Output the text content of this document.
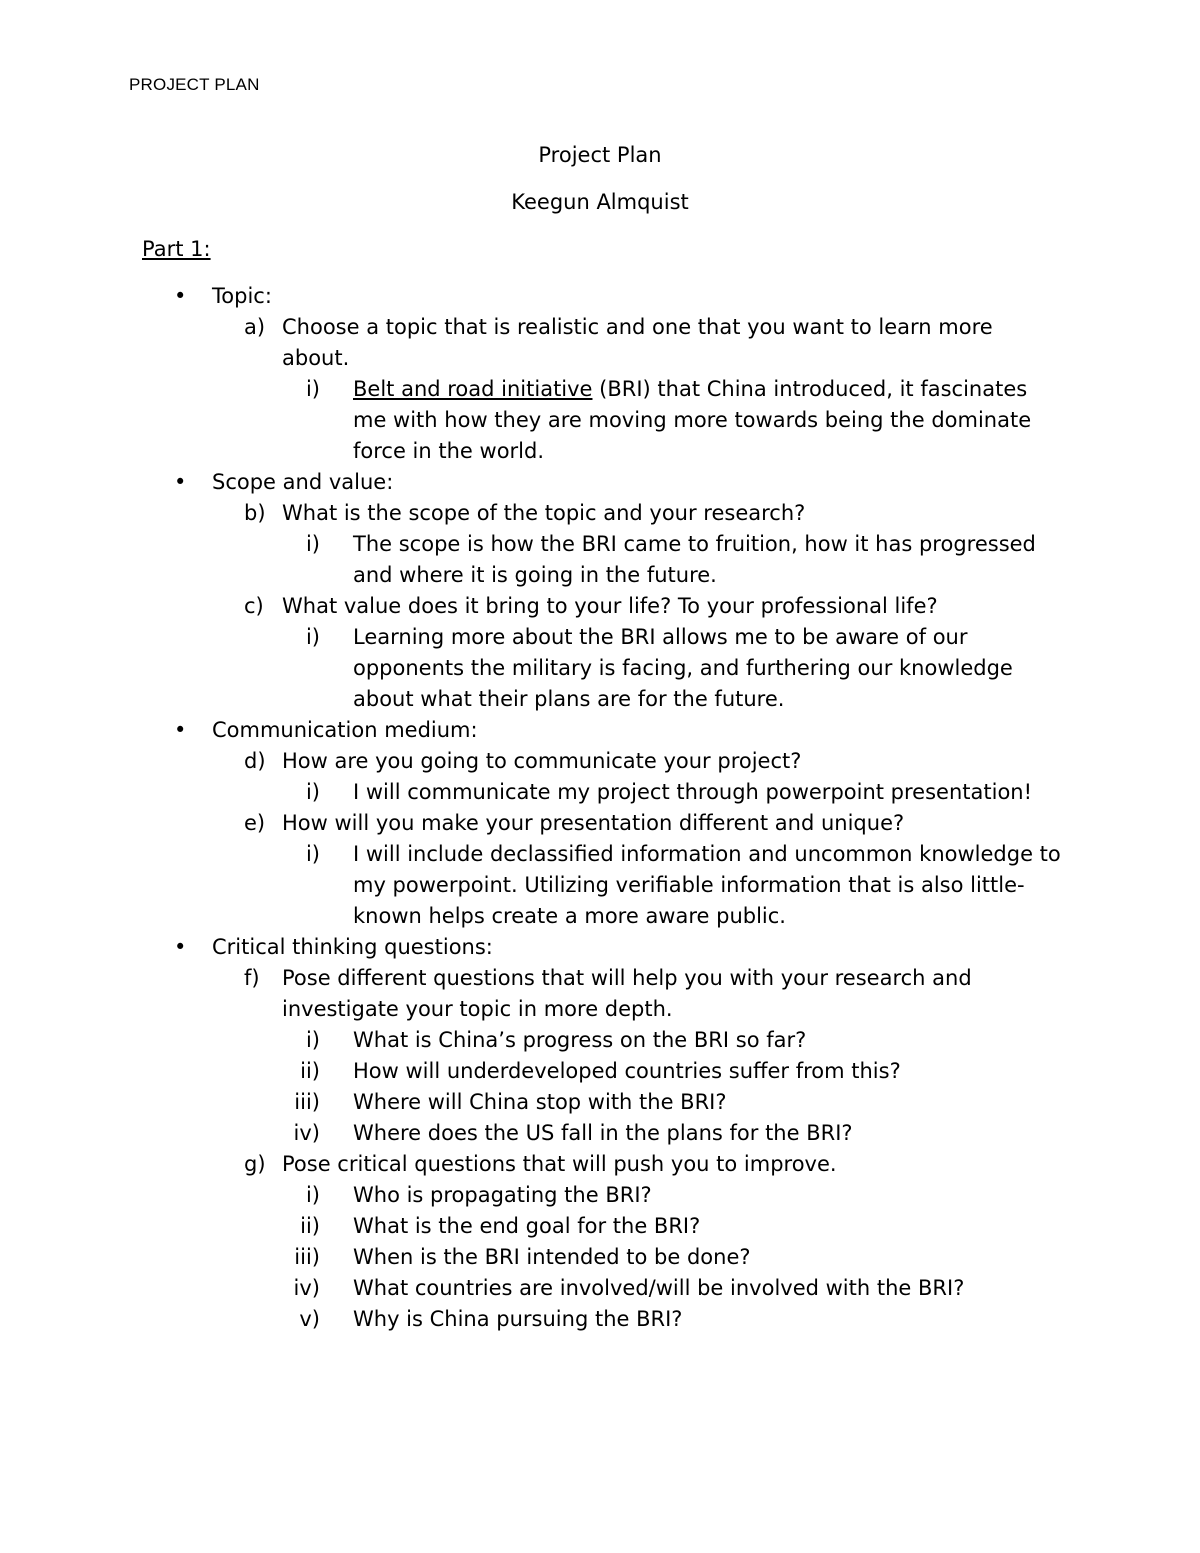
PROJECT PLAN
Project Plan
Keegun Almquist
Part 1:
• Topic:
a) Choose a topic that is realistic and one that you want to learn more about.
i) Belt and road initiative (BRI) that China introduced, it fascinates me with how they are moving more towards being the dominate force in the world.
• Scope and value:
b) What is the scope of the topic and your research?
i) The scope is how the BRI came to fruition, how it has progressed and where it is going in the future.
c) What value does it bring to your life? To your professional life?
i) Learning more about the BRI allows me to be aware of our opponents the military is facing, and furthering our knowledge about what their plans are for the future.
• Communication medium:
d) How are you going to communicate your project?
i) I will communicate my project through powerpoint presentation!
e) How will you make your presentation different and unique?
i) I will include declassified information and uncommon knowledge to my powerpoint. Utilizing verifiable information that is also little-known helps create a more aware public.
• Critical thinking questions:
f)	Pose different questions that will help you with your research and investigate your topic in more depth.
i) What is China’s progress on the BRI so far?
ii) How will underdeveloped countries suffer from this?
iii) Where will China stop with the BRI?
iv) Where does the US fall in the plans for the BRI?
g) Pose critical questions that will push you to improve.
i) Who is propagating the BRI?
ii) What is the end goal for the BRI?
iii) When is the BRI intended to be done?
iv) What countries are involved/will be involved with the BRI?
v) Why is China pursuing the BRI?
